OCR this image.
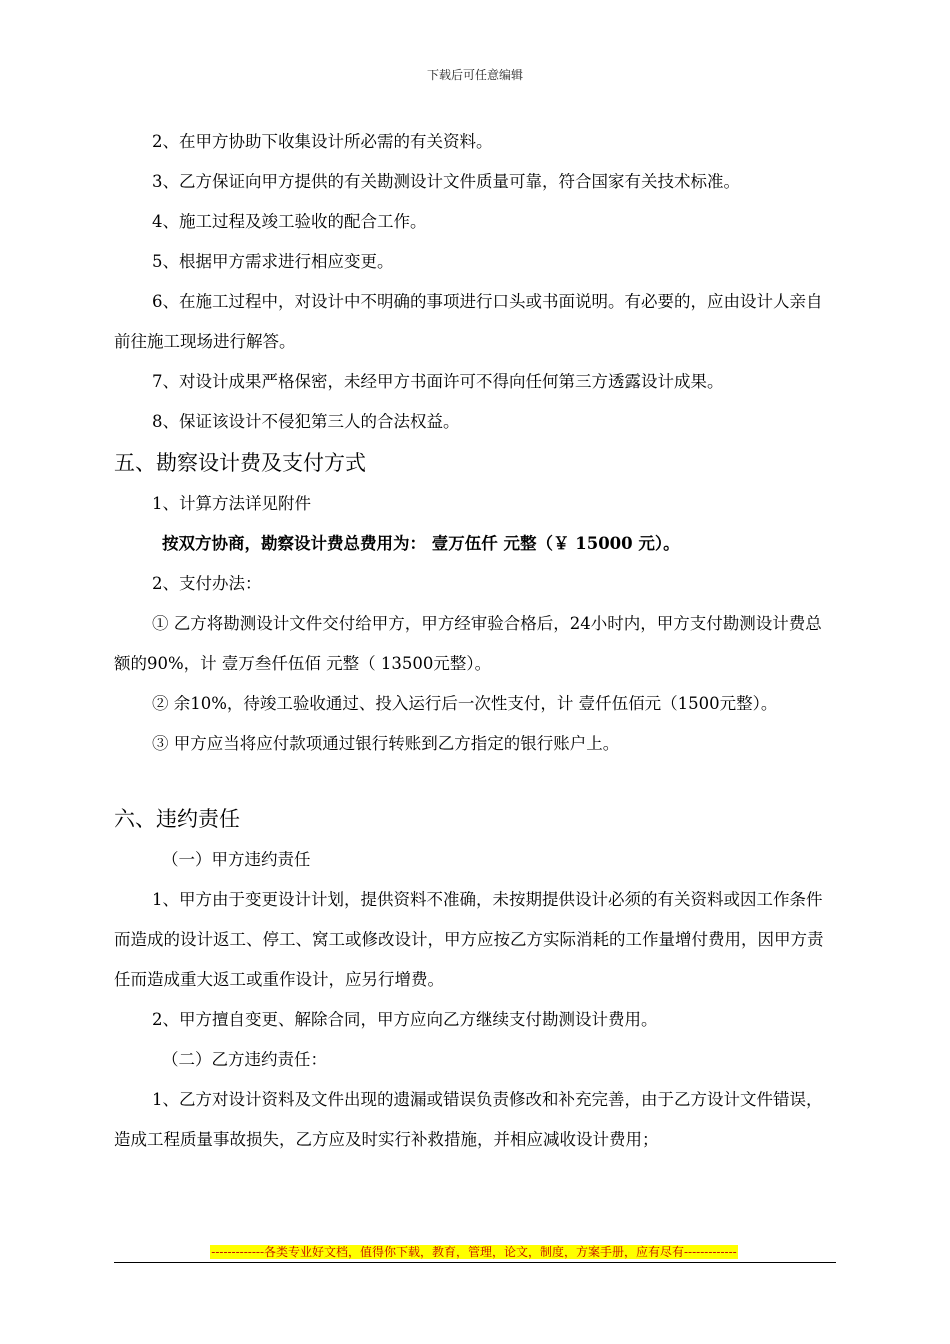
下载后可任意编辑

2、在甲方协助下收集设计所必需的有关资料。

3、乙方保证向甲方提供的有关勘测设计文件质量可靠，符合国家有关技术标准。

4、施工过程及竣工验收的配合工作。

5、根据甲方需求进行相应变更。

6、在施工过程中，对设计中不明确的事项进行口头或书面说明。有必要的，应由设计人亲自前往施工现场进行解答。

7、对设计成果严格保密，未经甲方书面许可不得向任何第三方透露设计成果。

8、保证该设计不侵犯第三人的合法权益。

五、勘察设计费及支付方式

1、计算方法详见附件

按双方协商，勘察设计费总费用为： 壹万伍仟 元整（￥ 15000 元）。

2、支付办法：

① 乙方将勘测设计文件交付给甲方，甲方经审验合格后，24小时内，甲方支付勘测设计费总额的90%，计 壹万叁仟伍佰 元整（ 13500元整）。

② 余10%，待竣工验收通过、投入运行后一次性支付，计 壹仟伍佰元（1500元整）。

③ 甲方应当将应付款项通过银行转账到乙方指定的银行账户上。

六、违约责任

（一）甲方违约责任

1、甲方由于变更设计计划，提供资料不准确，未按期提供设计必须的有关资料或因工作条件而造成的设计返工、停工、窝工或修改设计，甲方应按乙方实际消耗的工作量增付费用，因甲方责任而造成重大返工或重作设计，应另行增费。

2、甲方擅自变更、解除合同，甲方应向乙方继续支付勘测设计费用。

（二）乙方违约责任：

1、乙方对设计资料及文件出现的遗漏或错误负责修改和补充完善，由于乙方设计文件错误，造成工程质量事故损失，乙方应及时实行补救措施，并相应减收设计费用；

-------------各类专业好文档，值得你下载，教育，管理，论文，制度，方案手册，应有尽有-------------
